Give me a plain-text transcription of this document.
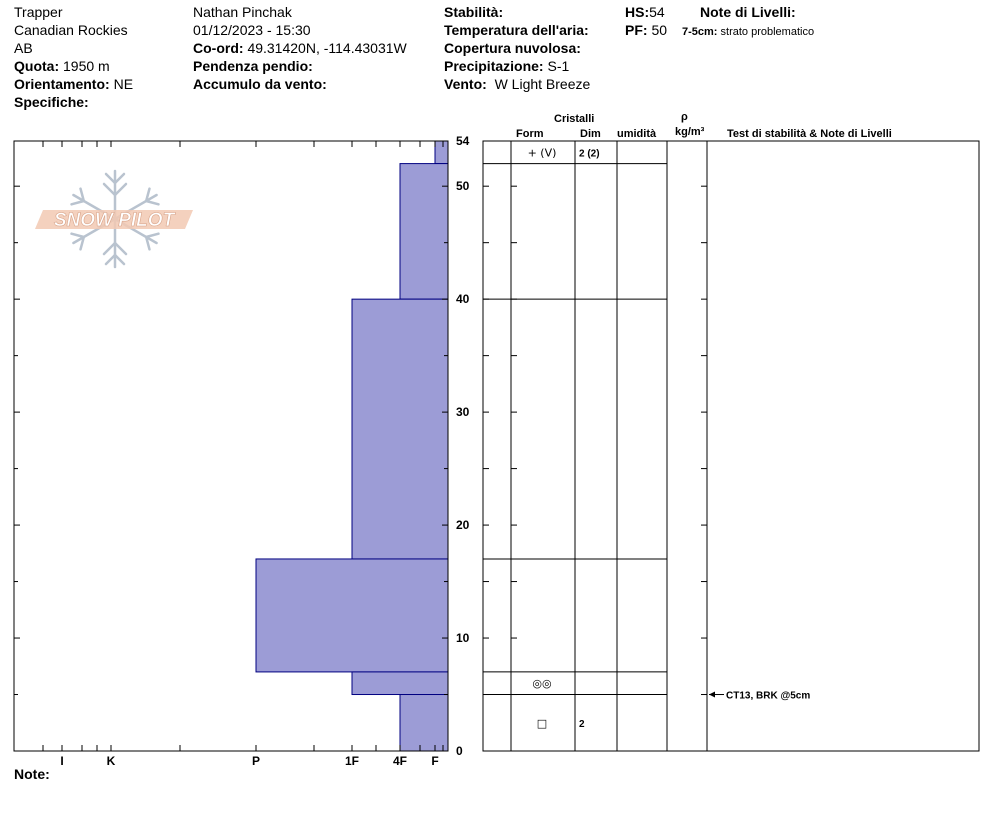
Trapper
Canadian Rockies
AB
Quota: 1950 m
Orientamento: NE
Specifiche:
Nathan Pinchak
01/12/2023 - 15:30
Co-ord: 49.31420N, -114.43031W
Pendenza pendio:
Accumulo da vento:
Stabilità:
Temperatura dell'aria:
Copertura nuvolosa:
Precipitazione: S-1
Vento: W Light Breeze
HS:54
PF: 50
Note di Livelli:
7-5cm: strato problematico
Cristalli
Form	Dim umidità
ρ
kg/m³ Test di stabilità & Note di Livelli
SNOW PILOT
I	K	P	1F	4F F
0
10
20
30
40
50
54
+ (V) 2 (2)
◎◎
□	2
CT13, BRK @5cm
Note:
